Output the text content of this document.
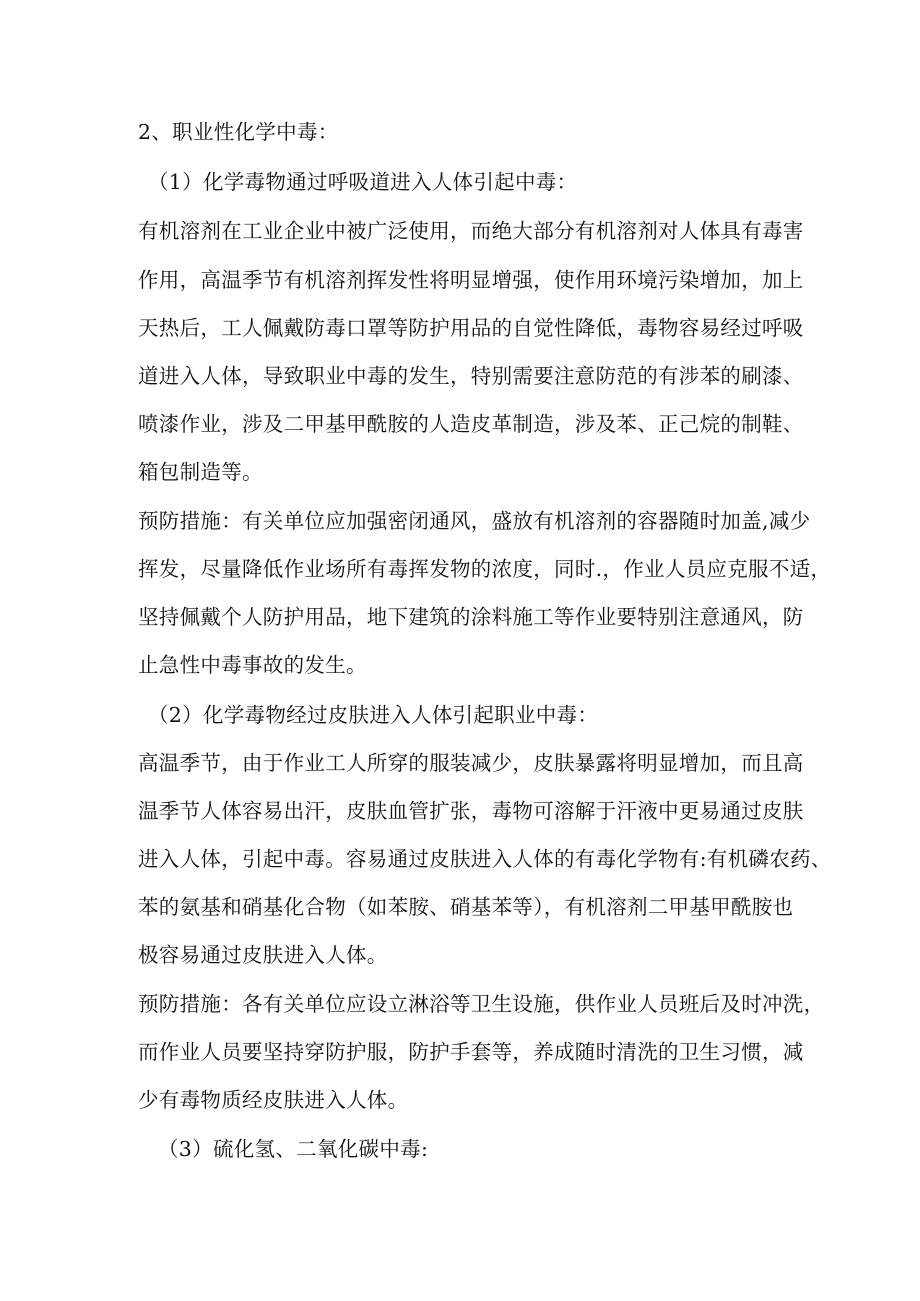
2、职业性化学中毒：
（1）化学毒物通过呼吸道进入人体引起中毒：
有机溶剂在工业企业中被广泛使用，而绝大部分有机溶剂对人体具有毒害
作用，高温季节有机溶剂挥发性将明显增强，使作用环境污染增加，加上
天热后，工人佩戴防毒口罩等防护用品的自觉性降低，毒物容易经过呼吸
道进入人体，导致职业中毒的发生，特别需要注意防范的有涉苯的刷漆、
喷漆作业，涉及二甲基甲酰胺的人造皮革制造，涉及苯、正己烷的制鞋、
箱包制造等。
预防措施：有关单位应加强密闭通风，盛放有机溶剂的容器随时加盖,减少
挥发，尽量降低作业场所有毒挥发物的浓度，同时.，作业人员应克服不适，
坚持佩戴个人防护用品，地下建筑的涂料施工等作业要特别注意通风，防
止急性中毒事故的发生。
（2）化学毒物经过皮肤进入人体引起职业中毒：
高温季节，由于作业工人所穿的服装减少，皮肤暴露将明显增加，而且高
温季节人体容易出汗，皮肤血管扩张，毒物可溶解于汗液中更易通过皮肤
进入人体，引起中毒。容易通过皮肤进入人体的有毒化学物有:有机磷农药、
苯的氨基和硝基化合物（如苯胺、硝基苯等），有机溶剂二甲基甲酰胺也
极容易通过皮肤进入人体。
预防措施：各有关单位应设立淋浴等卫生设施，供作业人员班后及时冲洗，
而作业人员要坚持穿防护服，防护手套等，养成随时清洗的卫生习惯，减
少有毒物质经皮肤进入人体。
（3）硫化氢、二氧化碳中毒:
